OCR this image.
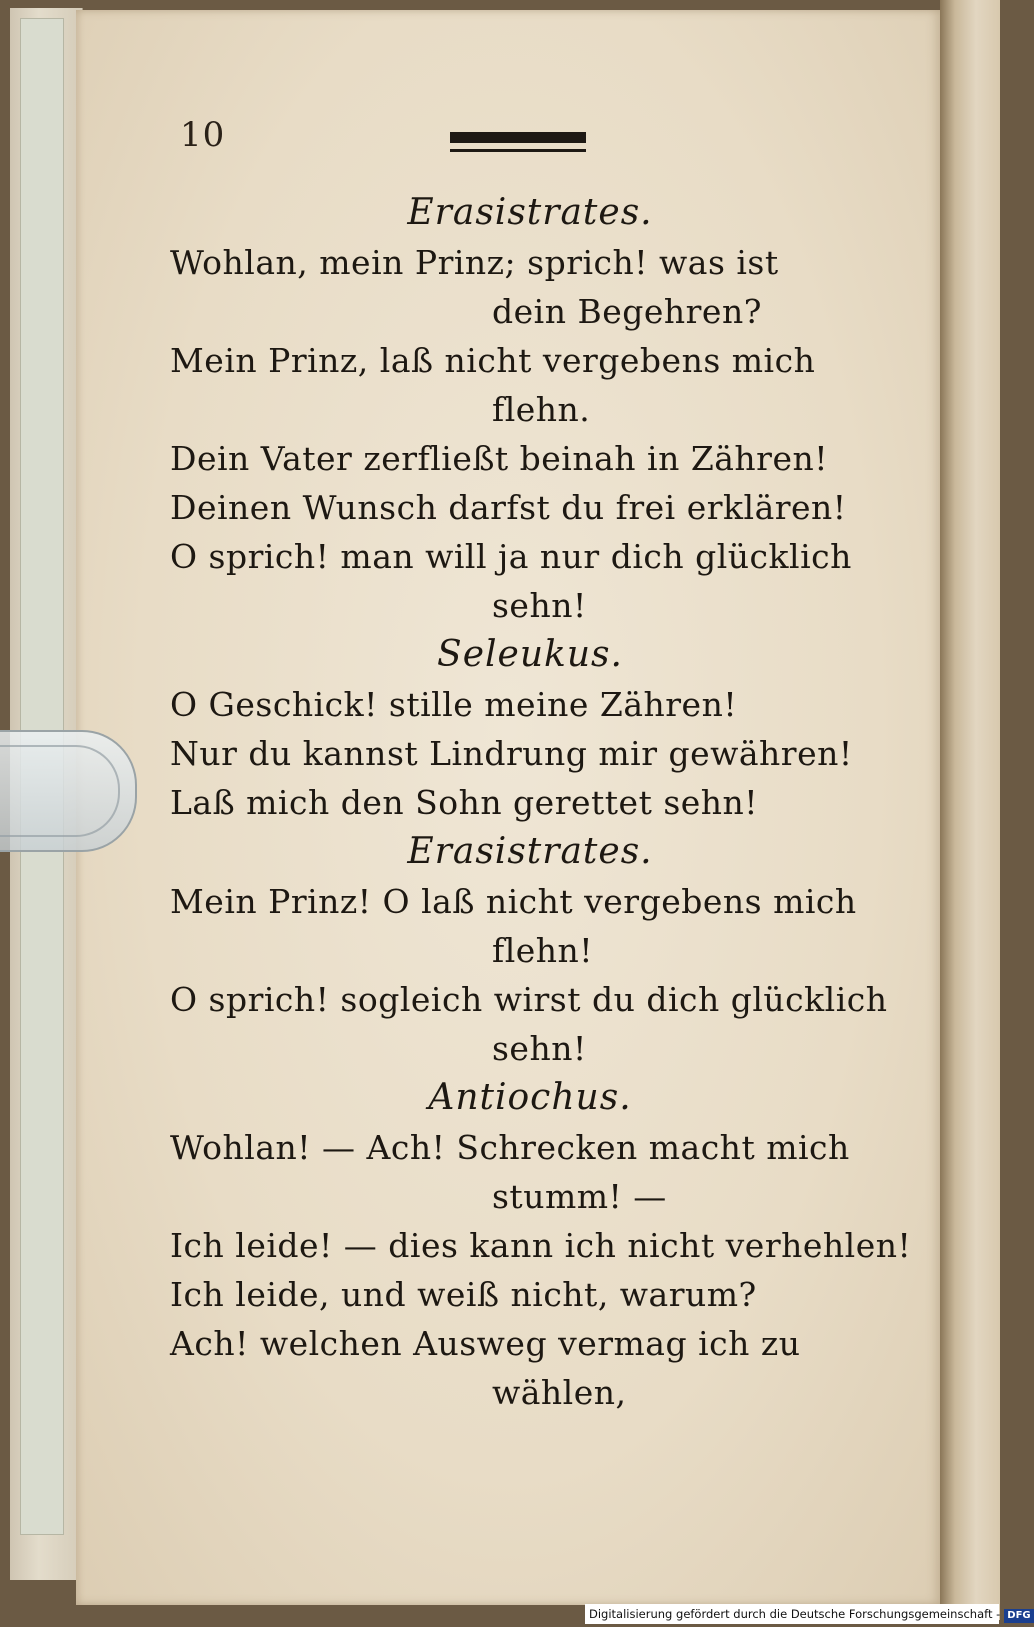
10
Erasistrates.
Wohlan, mein Prinz; sprich! was ist
dein Begehren?
Mein Prinz, laß nicht vergebens mich
flehn.
Dein Vater zerfließt beinah in Zähren!
Deinen Wunsch darfst du frei erklären!
O sprich! man will ja nur dich glücklich
sehn!
Seleukus.
O Geschick! stille meine Zähren!
Nur du kannst Lindrung mir gewähren!
Laß mich den Sohn gerettet sehn!
Erasistrates.
Mein Prinz! O laß nicht vergebens mich
flehn!
O sprich! sogleich wirst du dich glücklich
sehn!
Antiochus.
Wohlan! — Ach! Schrecken macht mich
stumm! —
Ich leide! — dies kann ich nicht verhehlen!
Ich leide, und weiß nicht, warum?
Ach! welchen Ausweg vermag ich zu
wählen,
Digitalisierung gefördert durch die Deutsche Forschungsgemeinschaft - DFG
